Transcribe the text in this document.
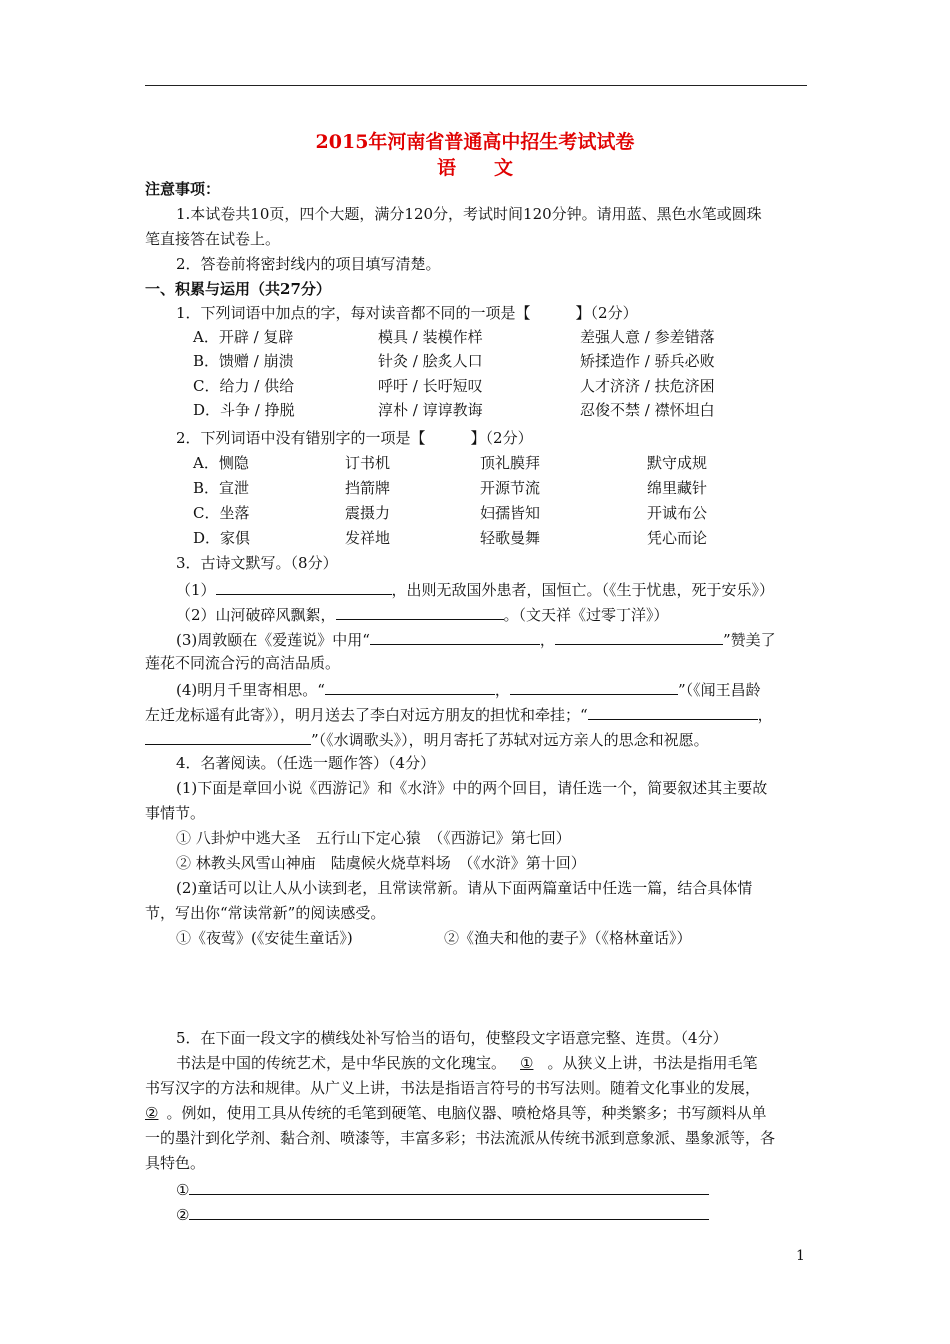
2015年河南省普通高中招生考试试卷
语　　文
注意事项：
1.本试卷共10页，四个大题，满分120分，考试时间120分钟。请用蓝、黑色水笔或圆珠
笔直接答在试卷上。
2．答卷前将密封线内的项目填写清楚。
一、积累与运用（共27分）
1．下列词语中加点的字，每对读音都不同的一项是【　　　】（2分）
A．开辟 / 复辟	模具 / 装模作样	差强人意 / 参差错落
B．馈赠 / 崩溃	针灸 / 脍炙人口	矫揉造作 / 骄兵必败
C．给力 / 供给	呼吁 / 长吁短叹	人才济济 / 扶危济困
D．斗争 / 挣脱	淳朴 / 谆谆教诲	忍俊不禁 / 襟怀坦白
2．下列词语中没有错别字的一项是【　　　】（2分）
A．恻隐	订书机	顶礼膜拜	默守成规
B．宣泄	挡箭牌	开源节流	绵里藏针
C．坐落	震摄力	妇孺皆知	开诚布公
D．家俱	发祥地	轻歌曼舞	凭心而论
3．古诗文默写。（8分）
（1）	，出则无敌国外患者，国恒亡。（《生于忧患，死于安乐》）
（2）山河破碎风飘絮，	。（文天祥《过零丁洋》）
(3)周敦颐在《爱莲说》中用“	，	”赞美了
莲花不同流合污的高洁品质。
(4)明月千里寄相思。“	，	”（《闻王昌龄
左迁龙标遥有此寄》），明月送去了李白对远方朋友的担忧和牵挂；“	，
”（《水调歌头》），明月寄托了苏轼对远方亲人的思念和祝愿。
4．名著阅读。（任选一题作答）（4分）
(1)下面是章回小说《西游记》和《水浒》中的两个回目，请任选一个，简要叙述其主要故
事情节。
① 八卦炉中逃大圣　五行山下定心猿　（《西游记》第七回）
② 林教头风雪山神庙　陆虞候火烧草料场　（《水浒》第十回）
(2)童话可以让人从小读到老，且常读常新。请从下面两篇童话中任选一篇，结合具体情
节，写出你“常读常新”的阅读感受。
①《夜莺》(《安徒生童话》)	②《渔夫和他的妻子》（《格林童话》）
5．在下面一段文字的横线处补写恰当的语句，使整段文字语意完整、连贯。（4分）
书法是中国的传统艺术，是中华民族的文化瑰宝。 ① 。从狭义上讲，书法是指用毛笔
书写汉字的方法和规律。从广义上讲，书法是指语言符号的书写法则。随着文化事业的发展，
② 。例如，使用工具从传统的毛笔到硬笔、电脑仪器、喷枪烙具等，种类繁多；书写颜料从单
一的墨汁到化学剂、黏合剂、喷漆等，丰富多彩；书法流派从传统书派到意象派、墨象派等，各
具特色。
①
②
1
